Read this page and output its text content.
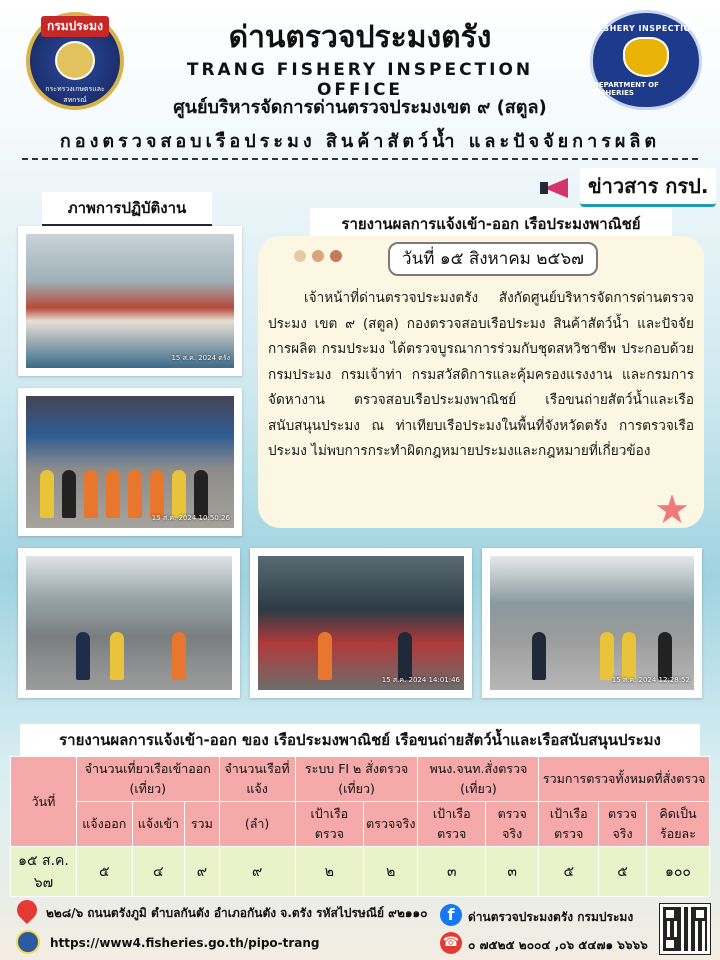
กรมประมง
กระทรวงเกษตรและสหกรณ์
ด่านตรวจประมงตรัง
TRANG FISHERY INSPECTION OFFICE
FISHERY INSPECTION
DEPARTMENT OF FISHERIES
ศูนย์บริหารจัดการด่านตรวจประมงเขต ๙ (สตูล)
กองตรวจสอบเรือประมง สินค้าสัตว์น้ำ และปัจจัยการผลิต
ข่าวสาร กรป.
ภาพการปฏิบัติงาน
รายงานผลการแจ้งเข้า-ออก เรือประมงพาณิชย์
15 ส.ค. 2024 ตรัง
15 ส.ค. 2024 10:50:26
วันที่ ๑๕ สิงหาคม ๒๕๖๗
เจ้าหน้าที่ด่านตรวจประมงตรัง สังกัดศูนย์บริหารจัดการด่านตรวจประมง เขต ๙ (สตูล) กองตรวจสอบเรือประมง สินค้าสัตว์น้ำ และปัจจัยการผลิต กรมประมง ได้ตรวจบูรณาการร่วมกับชุดสหวิชาชีพ ประกอบด้วย กรมประมง กรมเจ้าท่า กรมสวัสดิการและคุ้มครองแรงงาน และกรมการจัดหางาน ตรวจสอบเรือประมงพาณิชย์ เรือขนถ่ายสัตว์น้ำและเรือสนับสนุนประมง ณ ท่าเทียบเรือประมงในพื้นที่จังหวัดตรัง การตรวจเรือประมง ไม่พบการกระทำผิดกฎหมายประมงและกฎหมายที่เกี่ยวข้อง
★
15 ส.ค. 2024 14:01:46	15 ส.ค. 2024 12:28:52
รายงานผลการแจ้งเข้า-ออก ของ เรือประมงพาณิชย์ เรือขนถ่ายสัตว์น้ำและเรือสนับสนุนประมง
วันที่	จำนวนเที่ยวเรือเข้าออก (เที่ยว)			จำนวนเรือที่แจ้ง	ระบบ FI ๒ สั่งตรวจ (เที่ยว)		พนง.จนท.สั่งตรวจ (เที่ยว)		รวมการตรวจทั้งหมดที่สั่งตรวจ		
	แจ้งออก	แจ้งเข้า	รวม	(ลำ)	เป้าเรือตรวจ	ตรวจจริง	เป้าเรือตรวจ	ตรวจจริง	เป้าเรือตรวจ	ตรวจจริง	คิดเป็นร้อยละ
๑๕ ส.ค. ๖๗	๕	๔	๙	๙	๒	๒	๓	๓	๕	๕	๑๐๐
๒๒๘/๖ ถนนตรังภูมิ ตำบลกันตัง อำเภอกันตัง จ.ตรัง รหัสไปรษณีย์ ๙๒๑๑๐
https://www4.fisheries.go.th/pipo-trang
f	ด่านตรวจประมงตรัง กรมประมง
☎ ๐ ๗๕๒๕ ๒๐๐๔ ,๐๖ ๕๔๗๑ ๖๖๖๖
